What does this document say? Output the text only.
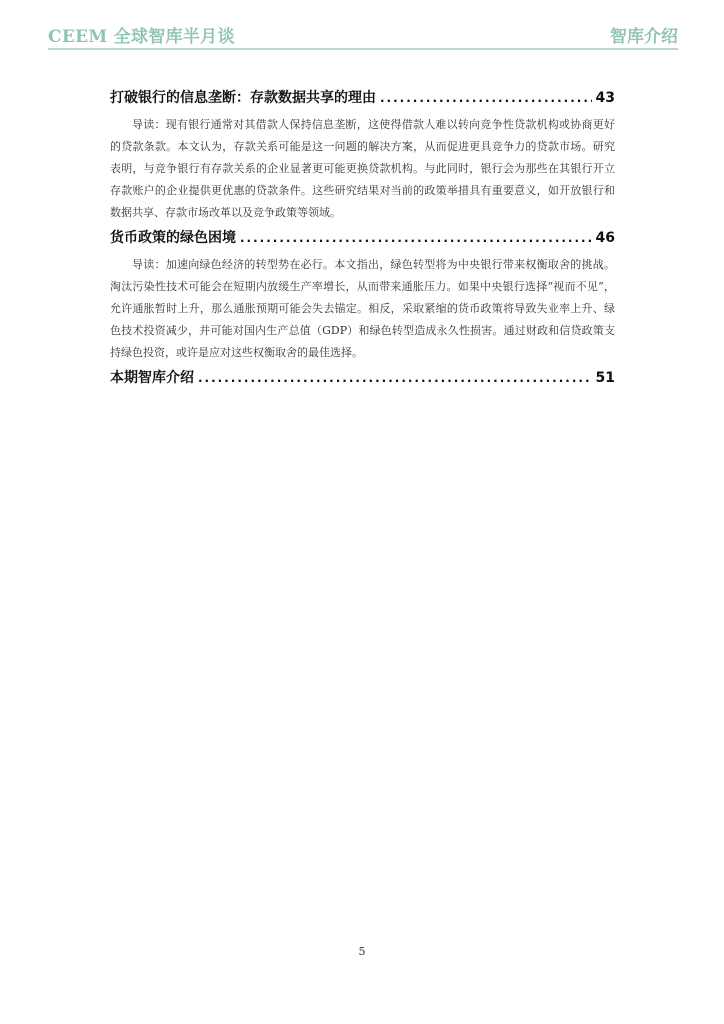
CEEM 全球智库半月谈	智库介绍
打破银行的信息垄断：存款数据共享的理由 .....	43

导读：现有银行通常对其借款人保持信息垄断，这使得借款人难以转向竞争性贷款机构或协商更好的贷款条款。本文认为，存款关系可能是这一问题的解决方案，从而促进更具竞争力的贷款市场。研究表明，与竞争银行有存款关系的企业显著更可能更换贷款机构。与此同时，银行会为那些在其银行开立存款账户的企业提供更优惠的贷款条件。这些研究结果对当前的政策举措具有重要意义，如开放银行和数据共享、存款市场改革以及竞争政策等领域。

货币政策的绿色困境 .....	46

导读：加速向绿色经济的转型势在必行。本文指出，绿色转型将为中央银行带来权衡取舍的挑战。淘汰污染性技术可能会在短期内放缓生产率增长，从而带来通胀压力。如果中央银行选择“视而不见”，允许通胀暂时上升，那么通胀预期可能会失去锚定。相反，采取紧缩的货币政策将导致失业率上升、绿色技术投资减少，并可能对国内生产总值（GDP）和绿色转型造成永久性损害。通过财政和信贷政策支持绿色投资，或许是应对这些权衡取舍的最佳选择。

本期智库介绍 .....	51
5
